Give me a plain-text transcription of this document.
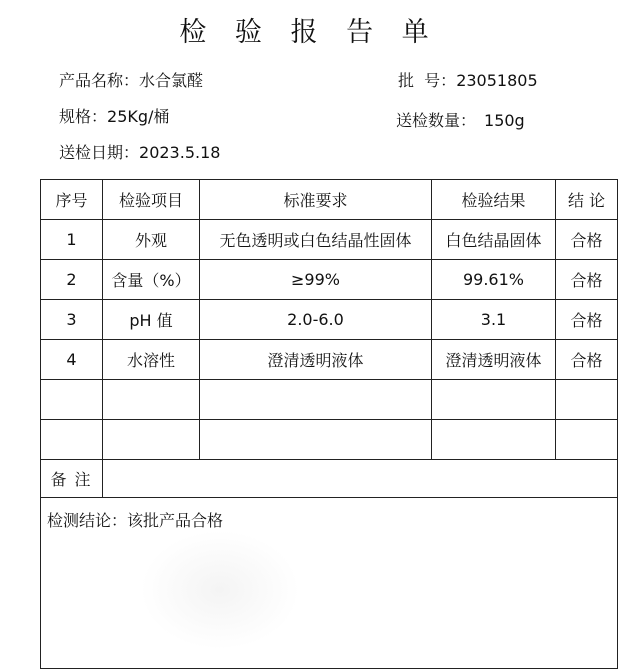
检 验 报 告 单
产品名称：水合氯醛	批  号：23051805
规格：25Kg/桶	送检数量： 150g
送检日期：2023.5.18
序号	检验项目	标准要求	检验结果	结 论
1	外观	无色透明或白色结晶性固体	白色结晶固体	合格
2	含量（%）	≥99%	99.61%	合格
3	pH 值	2.0-6.0	3.1	合格
4	水溶性	澄清透明液体	澄清透明液体	合格

备注				
检测结论：该批产品合格				
